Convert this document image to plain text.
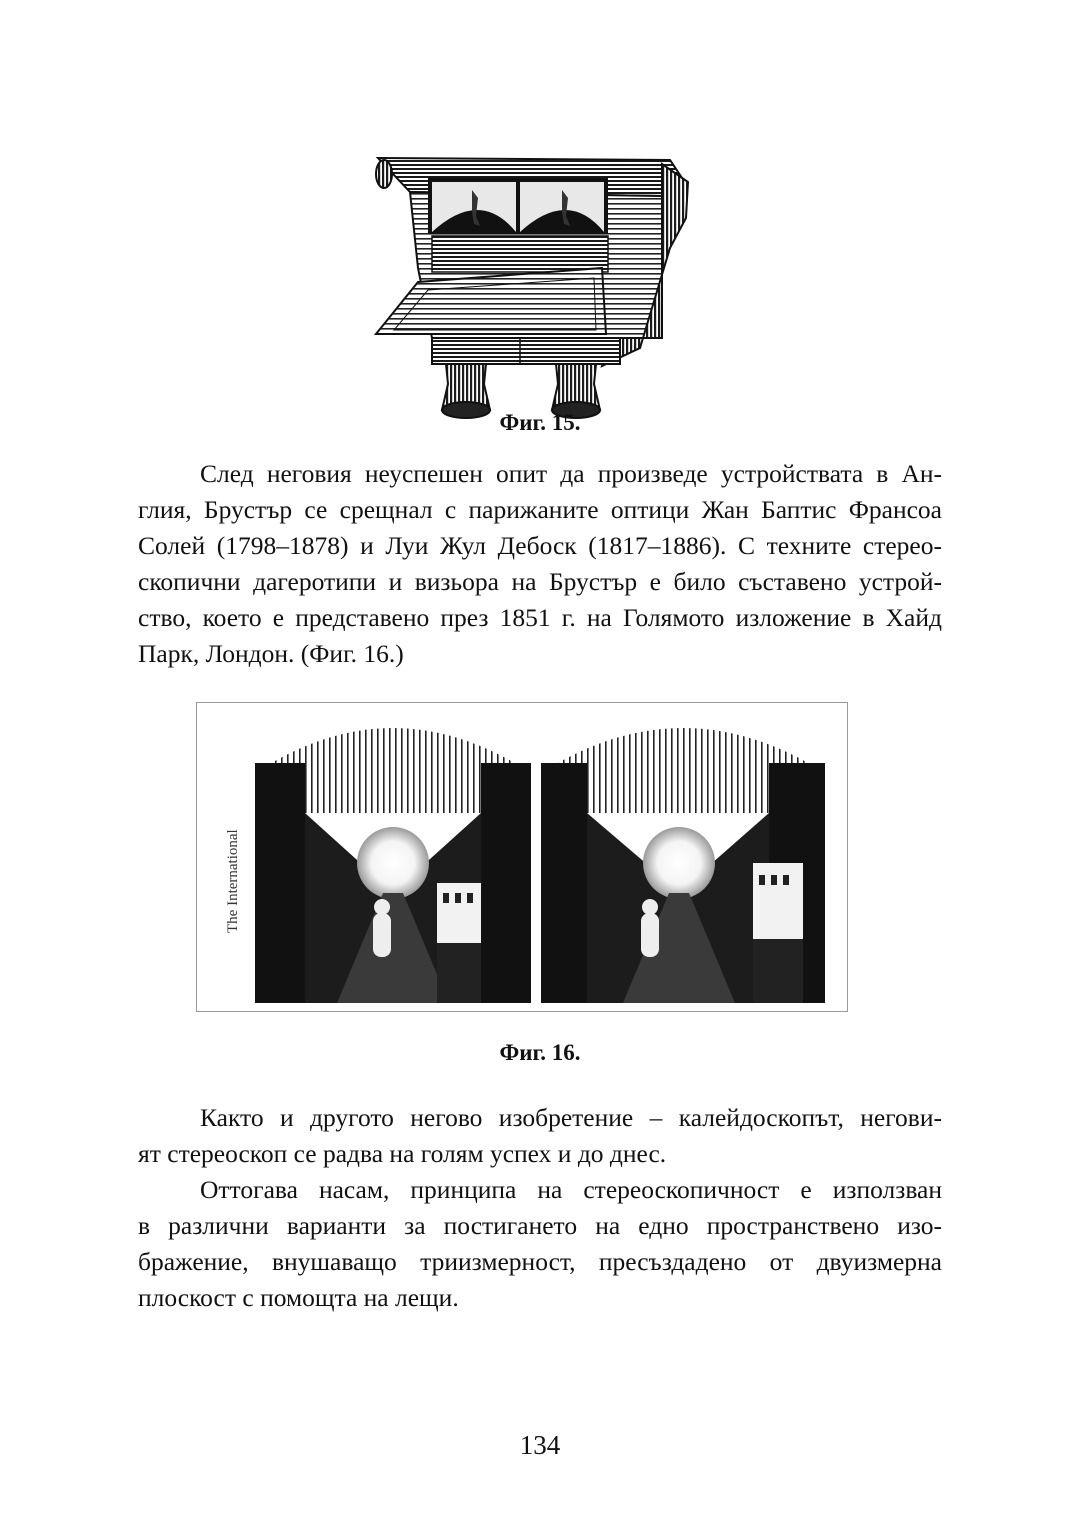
Фиг. 15.
След неговия неуспешен опит да произведе устройствата в Ан-
глия, Брустър се срещнал с парижаните оптици Жан Баптис Франсоа
Солей (1798–1878) и Луи Жул Дебоск (1817–1886). С техните стерео-
скопични дагеротипи и визьора на Брустър е било съставено устрой-
ство, което е представено през 1851 г. на Голямото изложение в Хайд
Парк, Лондон. (Фиг. 16.)
The International
Фиг. 16.
Както и другото негово изобретение – калейдоскопът, негови-
ят стереоскоп се радва на голям успех и до днес.
Оттогава насам, принципа на стереоскопичност е използван
в различни варианти за постигането на едно пространствено изо-
бражение, внушаващо триизмерност, пресъздадено от двуизмерна
плоскост с помощта на лещи.
134
